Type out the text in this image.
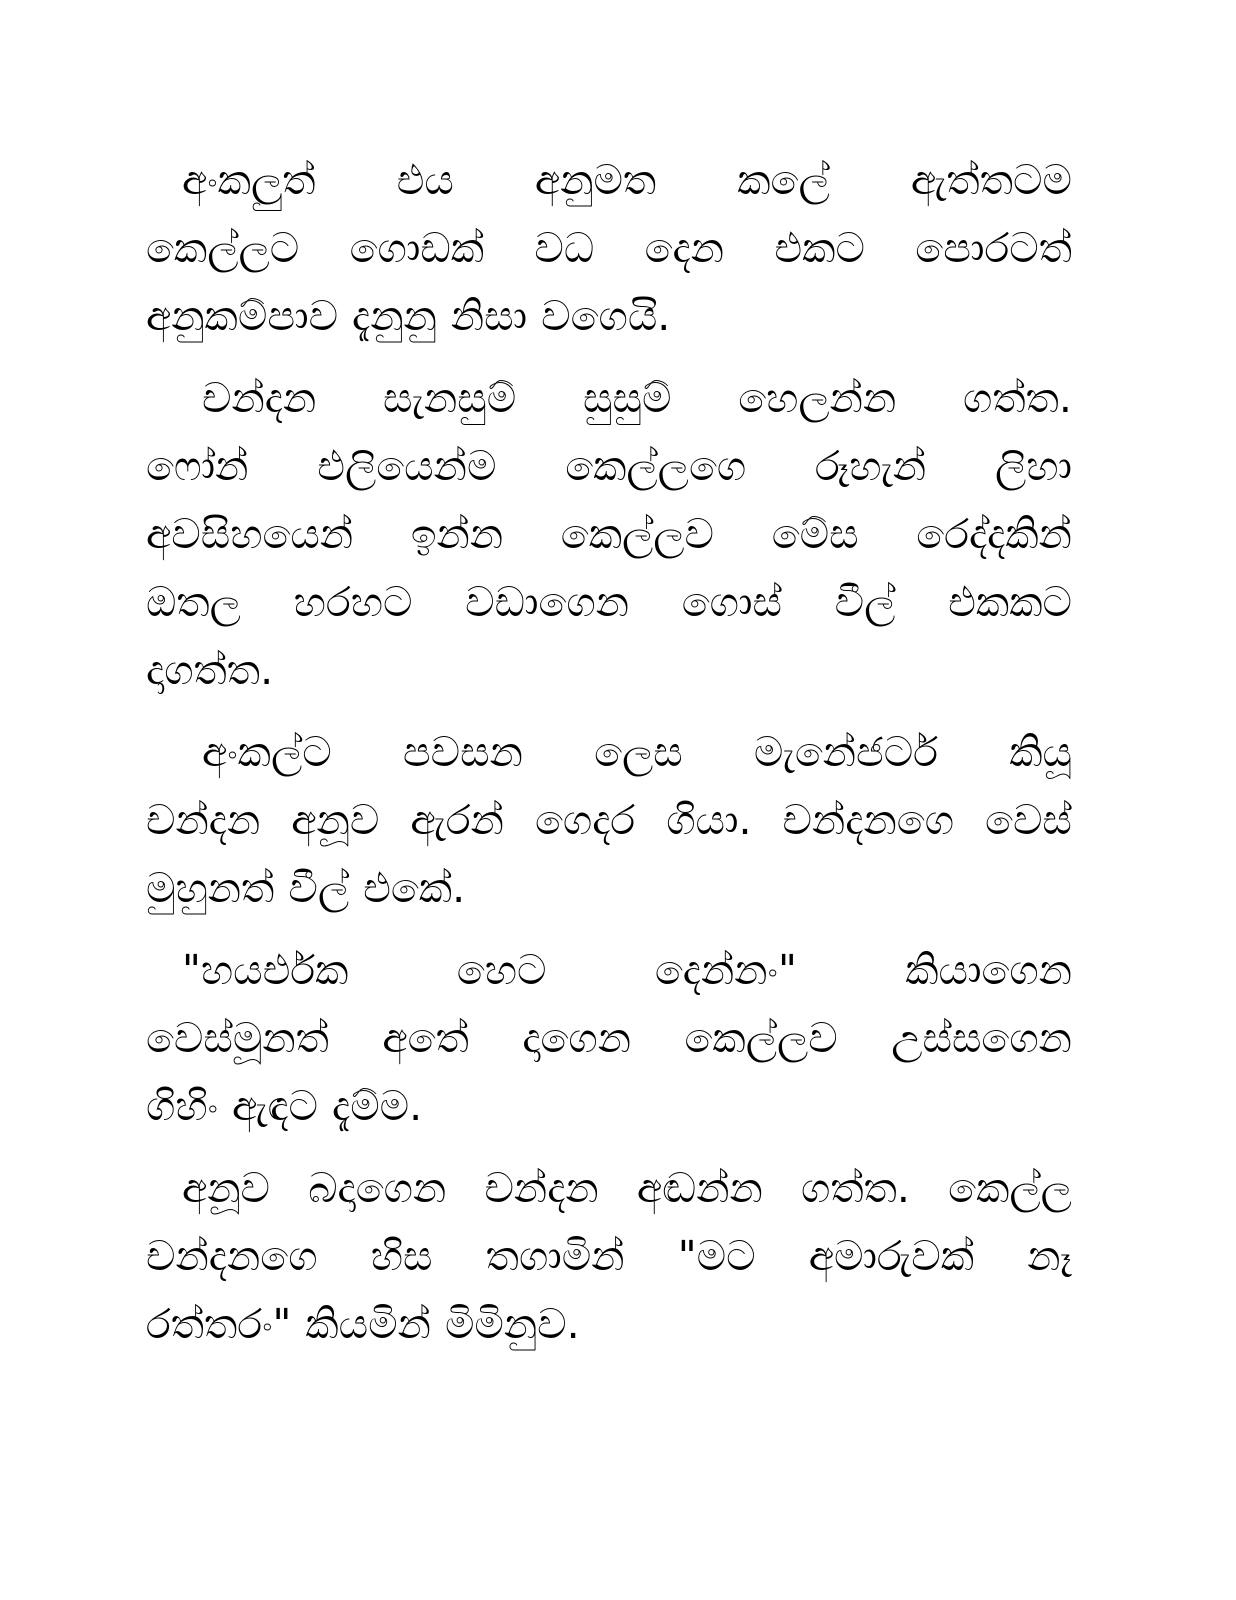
අංකලුත් එය අනුමත කලේ ඇත්තටම
කෙල්ලට ගොඩක් වධ දෙන එකට පොරටත්
අනුකම්පාව දැනුනු නිසා වගෙයි.
චන්දන සැනසුම් සුසුම් හෙලන්න ගත්ත.
ෆෝන් එලියෙන්ම කෙල්ලගෙ රූහැන් ලිහා
අවසිහයෙන් ඉන්න කෙල්ලව මේස රෙද්දකින්
ඔතල හරහට වඩාගෙන ගොස් වීල් එකකට
දාගත්ත.
අංකල්ට පවසන ලෙස මැනේජර්ට කියූ
චන්දන අනූව ඇරන් ගෙදර ගියා. චන්දනගෙ වෙස්
මුහුනත් වීල් එකේ.
"හයර්එක	හෙට	දෙන්නං"	කියාගෙන
වෙස්මූනත් අතේ දාගෙන කෙල්ලව උස්සගෙන
ගිහිං ඇඳට දැම්ම.
අනූව බදාගෙන චන්දන අඬන්න ගත්ත. කෙල්ල
චන්දනගෙ හිස තගාමින් "මට අමාරුවක් නෑ
රත්තරං" කියමින් මිමිනුව.
